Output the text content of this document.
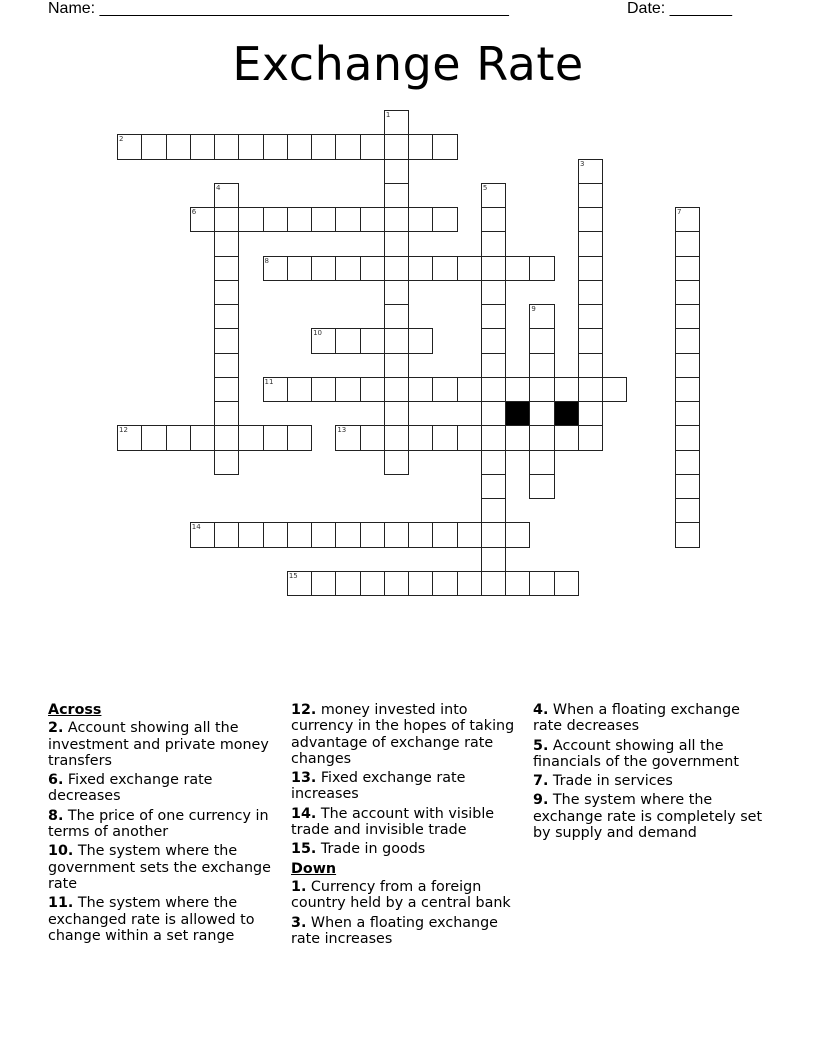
Name: ______________________________________________	Date: _______
Exchange Rate
1
2
3
4	5
6	7
8
9
10
11
12	13
14
15
Across
2. Account showing all the investment and private money transfers
6. Fixed exchange rate decreases
8. The price of one currency in terms of another
10. The system where the government sets the exchange rate
11. The system where the exchanged rate is allowed to change within a set range
12. money invested into currency in the hopes of taking advantage of exchange rate changes
13. Fixed exchange rate increases
14. The account with visible trade and invisible trade
15. Trade in goods
Down
1. Currency from a foreign country held by a central bank
3. When a floating exchange rate increases
4. When a floating exchange rate decreases
5. Account showing all the financials of the government
7. Trade in services
9. The system where the exchange rate is completely set by supply and demand
